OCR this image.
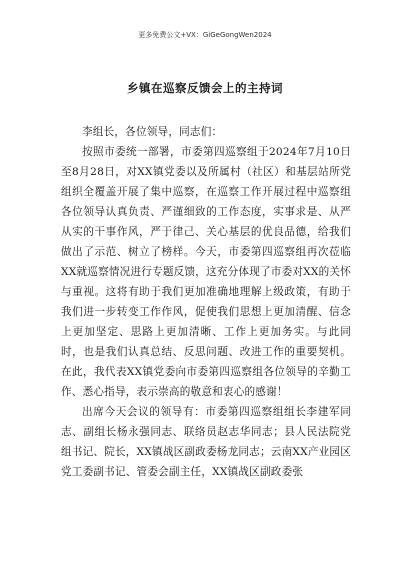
更多免费公文+VX：GiGeGongWen2024
乡镇在巡察反馈会上的主持词

李组长，各位领导，同志们：

按照市委统一部署，市委第四巡察组于2024年7月10日至8月28日，对XX镇党委以及所属村（社区）和基层站所党组织全覆盖开展了集中巡察，在巡察工作开展过程中巡察组各位领导认真负责、严谨细致的工作态度，实事求是、从严从实的干事作风，严于律己、关心基层的优良品德，给我们做出了示范、树立了榜样。今天，市委第四巡察组再次莅临XX就巡察情况进行专题反馈，这充分体现了市委对XX的关怀与重视。这将有助于我们更加准确地理解上级政策，有助于我们进一步转变工作作风，促使我们思想上更加清醒、信念上更加坚定、思路上更加清晰、工作上更加务实。与此同时，也是我们认真总结、反思问题、改进工作的重要契机。在此，我代表XX镇党委向市委第四巡察组各位领导的辛勤工作、悉心指导，表示崇高的敬意和衷心的感谢！

出席今天会议的领导有：市委第四巡察组组长李建军同志、副组长杨永强同志、联络员赵志华同志；县人民法院党组书记、院长，XX镇战区副政委杨龙同志；云南XX产业园区党工委副书记、管委会副主任，XX镇战区副政委张
